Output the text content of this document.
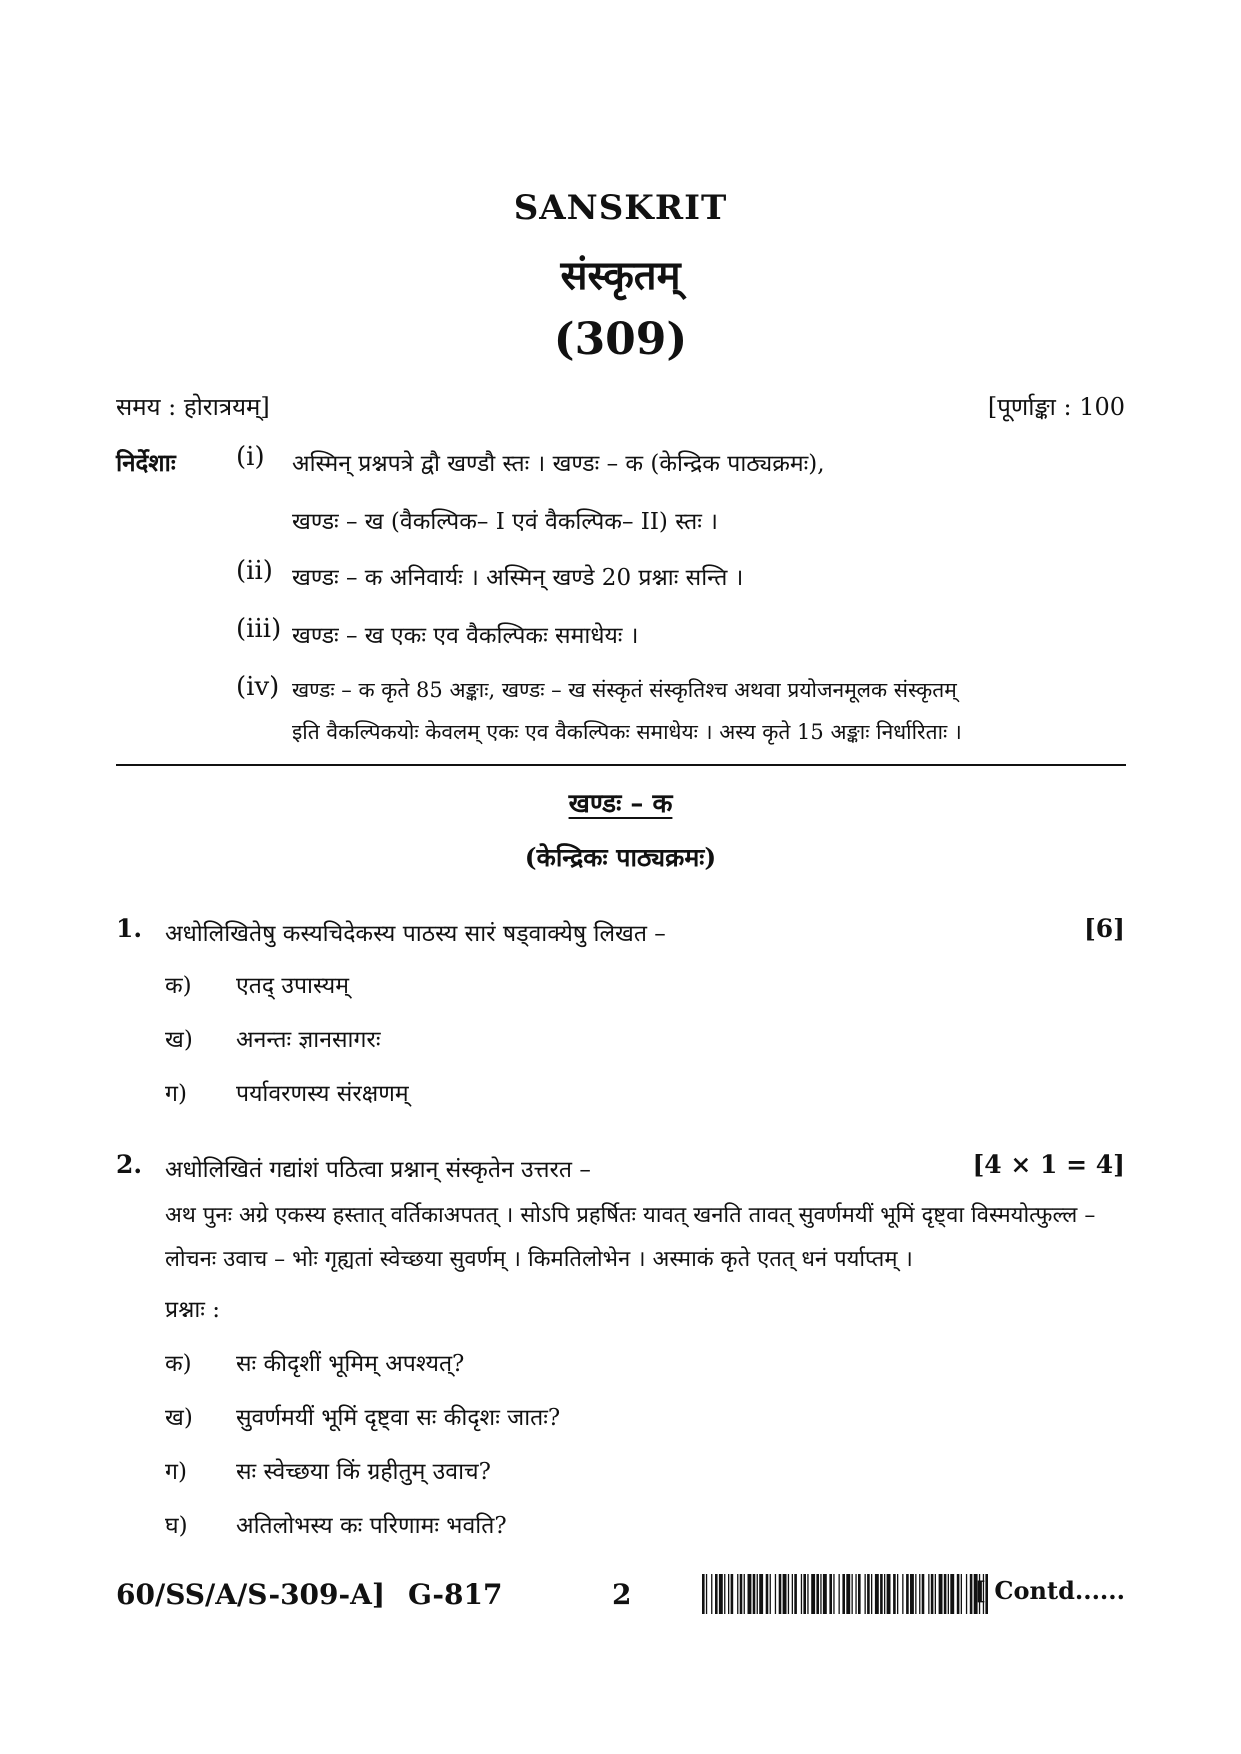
SANSKRIT
संस्कृतम्
(309)
समय : होरात्रयम्]	[पूर्णाङ्का : 100
निर्देशाः (i) अस्मिन् प्रश्नपत्रे द्वौ खण्डौ स्तः । खण्डः – क (केन्द्रिक पाठ्यक्रमः),
खण्डः – ख (वैकल्पिक– I एवं वैकल्पिक– II) स्तः ।
(ii) खण्डः – क अनिवार्यः । अस्मिन् खण्डे 20 प्रश्नाः सन्ति ।
(iii) खण्डः – ख एकः एव वैकल्पिकः समाधेयः ।
(iv) खण्डः – क कृते 85 अङ्काः, खण्डः – ख संस्कृतं संस्कृतिश्च अथवा प्रयोजनमूलक संस्कृतम्
इति वैकल्पिकयोः केवलम् एकः एव वैकल्पिकः समाधेयः । अस्य कृते 15 अङ्काः निर्धारिताः ।
खण्डः – क
(केन्द्रिकः पाठ्यक्रमः)
1. अधोलिखितेषु कस्यचिदेकस्य पाठस्य सारं षड्वाक्येषु लिखत –	[6]
क) एतद् उपास्यम्
ख) अनन्तः ज्ञानसागरः
ग) पर्यावरणस्य संरक्षणम्
2. अधोलिखितं गद्यांशं पठित्वा प्रश्नान् संस्कृतेन उत्तरत –	[4 × 1 = 4]
अथ पुनः अग्रे एकस्य हस्तात् वर्तिकाअपतत् । सोऽपि प्रहर्षितः यावत् खनति तावत् सुवर्णमयीं भूमिं दृष्ट्वा विस्मयोत्फुल्ल – लोचनः उवाच – भोः गृह्यतां स्वेच्छया सुवर्णम् । किमतिलोभेन । अस्माकं कृते एतत् धनं पर्याप्तम् ।
प्रश्नाः :
क) सः कीदृशीं भूमिम् अपश्यत्?
ख) सुवर्णमयीं भूमिं दृष्ट्वा सः कीदृशः जातः?
ग) सः स्वेच्छया किं ग्रहीतुम् उवाच?
घ) अतिलोभस्य कः परिणामः भवति?
60/SS/A/S-309-A] G-817	2	[ Contd......
